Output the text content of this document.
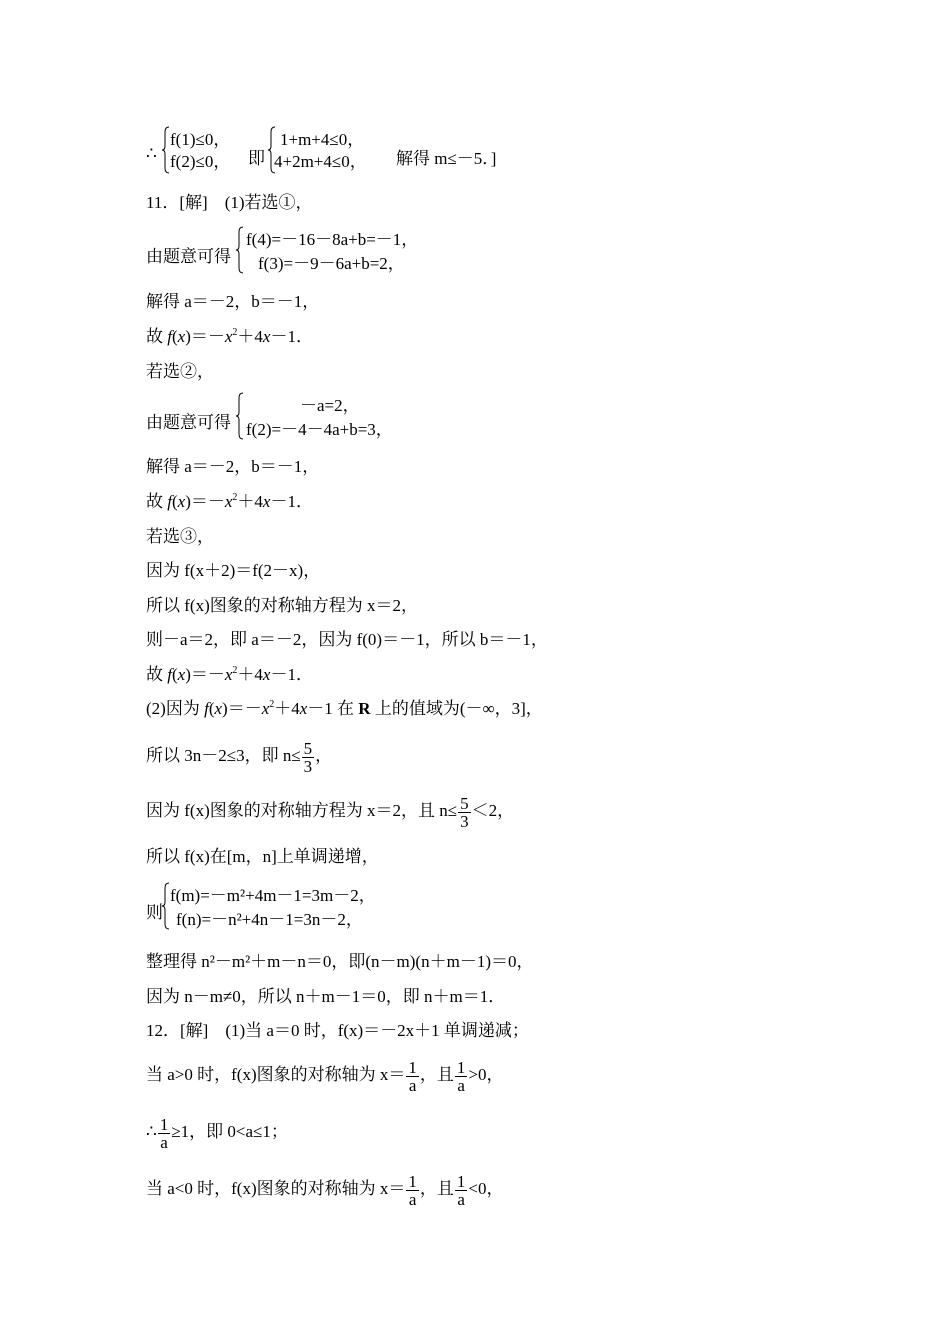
∴
f(1)≤0，
f(2)≤0， 即
1+m+4≤0，
4+2m+4≤0， 解得 m≤－5．]
11．[解]　(1)若选①，
由题意可得
f(4)=－16－8a+b=－1，
f(3)=－9－6a+b=2，
解得 a＝－2，b＝－1，
故 $f(x)=-x^2+4x-1$．
若选②，
由题意可得
－a=2，
f(2)=－4－4a+b=3，
解得 a＝－2，b＝－1，
故 $f(x)=-x^2+4x-1$．
若选③，
因为 f(x＋2)＝f(2－x)，
所以 f(x)图象的对称轴方程为 x＝2，
则－a＝2，即 a＝－2，因为 f(0)＝－1，所以 b＝－1，
故 $f(x)=-x^2+4x-1$．
(2)因为 $f(x)=-x^2+4x-1$ 在 R 上的值域为(－∞，3]，
所以 3n－2≤3，即 $n\le \frac{5}{3}$ ，
因为 f(x)图象的对称轴方程为 x＝2，且 $n\le \frac{5}{3} <2$，
所以 f(x)在[m，n]上单调递增，
则
f(m)=－m²+4m－1=3m－2，
f(n)=－n²+4n－1=3n－2，
整理得 n²－m²＋m－n＝0，即(n－m)(n＋m－1)＝0，
因为 n－m≠0，所以 n＋m－1＝0，即 n＋m＝1．
12．[解]　(1)当 a＝0 时，f(x)＝－2x＋1 单调递减；
当 a>0 时，f(x)图象的对称轴为 $x= \frac{1}{a}$ ，且 $\frac{1}{a} >0$，
∴ $\frac{1}{a} \ge 1$，即 0<a≤1；
当 a<0 时，f(x)图象的对称轴为 $x= \frac{1}{a}$ ，且 $\frac{1}{a} <0$，
